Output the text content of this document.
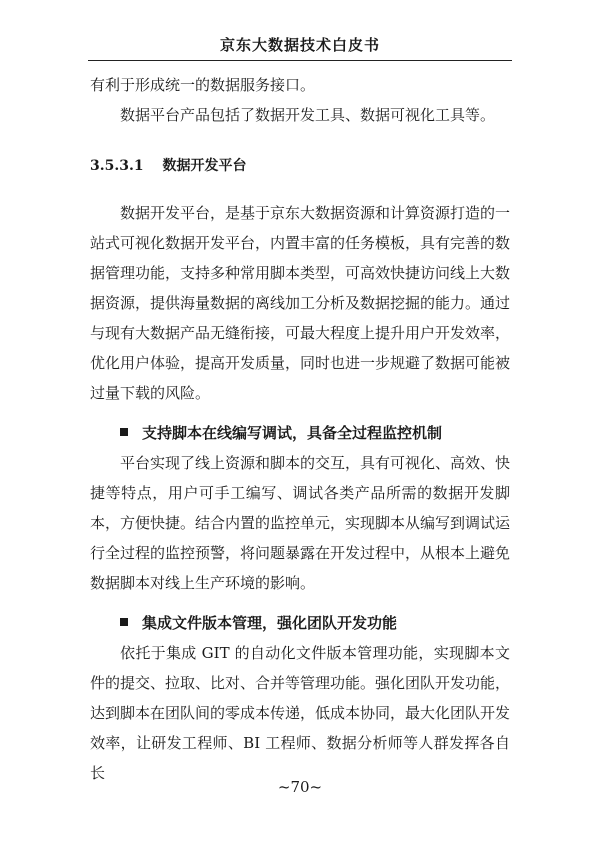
京东大数据技术白皮书

有利于形成统一的数据服务接口。

数据平台产品包括了数据开发工具、数据可视化工具等。

3.5.3.1 数据开发平台

数据开发平台，是基于京东大数据资源和计算资源打造的一站式可视化数据开发平台，内置丰富的任务模板，具有完善的数据管理功能，支持多种常用脚本类型，可高效快捷访问线上大数据资源，提供海量数据的离线加工分析及数据挖掘的能力。通过与现有大数据产品无缝衔接，可最大程度上提升用户开发效率，优化用户体验，提高开发质量，同时也进一步规避了数据可能被过量下载的风险。

支持脚本在线编写调试，具备全过程监控机制

平台实现了线上资源和脚本的交互，具有可视化、高效、快捷等特点，用户可手工编写、调试各类产品所需的数据开发脚本，方便快捷。结合内置的监控单元，实现脚本从编写到调试运行全过程的监控预警，将问题暴露在开发过程中，从根本上避免数据脚本对线上生产环境的影响。

集成文件版本管理，强化团队开发功能

依托于集成 GIT 的自动化文件版本管理功能，实现脚本文件的提交、拉取、比对、合并等管理功能。强化团队开发功能，达到脚本在团队间的零成本传递，低成本协同，最大化团队开发效率，让研发工程师、BI 工程师、数据分析师等人群发挥各自长

~70~
